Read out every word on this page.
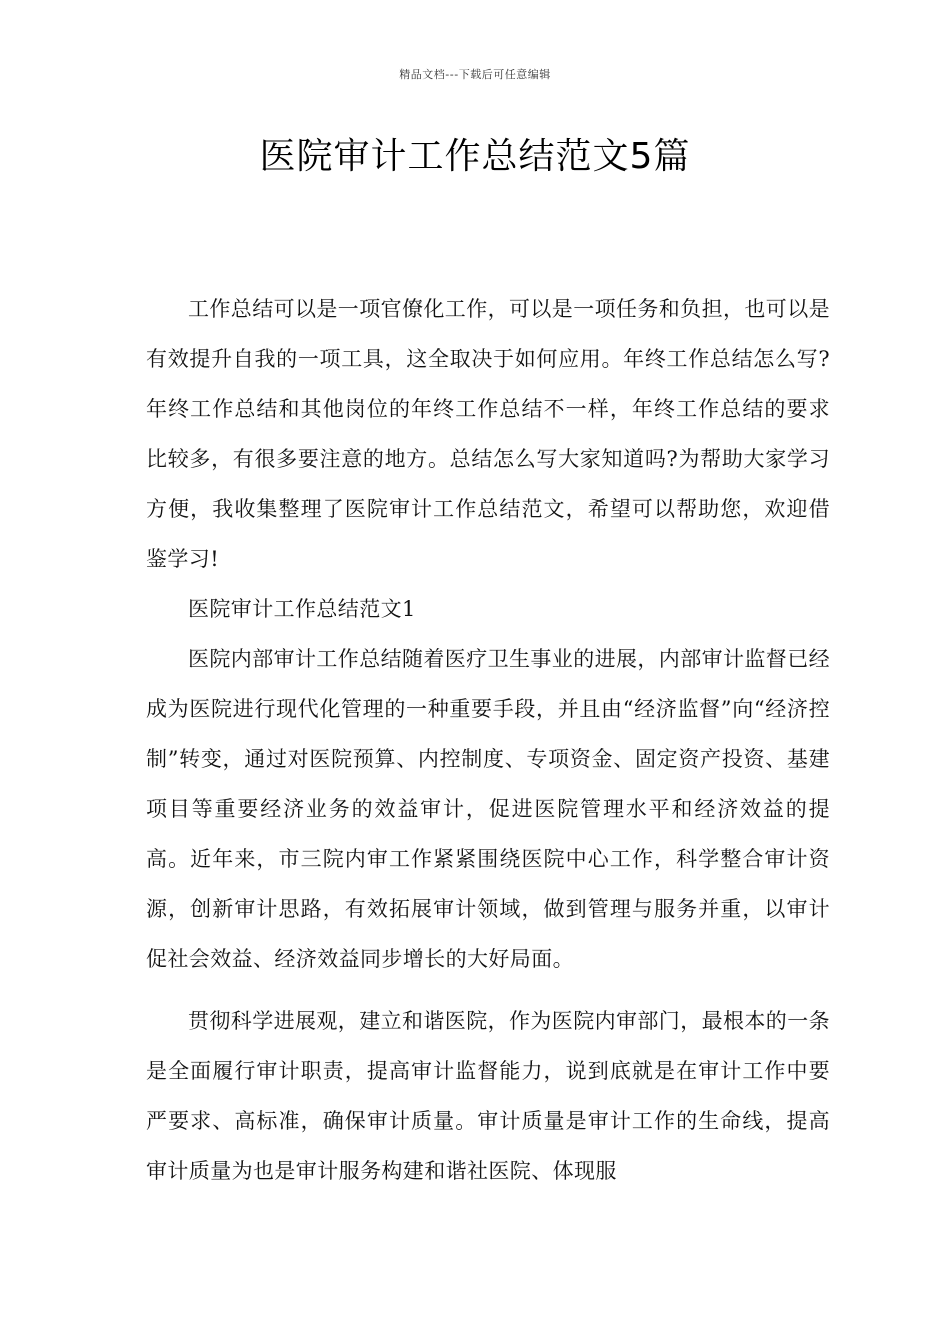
精品文档---下载后可任意编辑
医院审计工作总结范文5篇

工作总结可以是一项官僚化工作，可以是一项任务和负担，也可以是有效提升自我的一项工具，这全取决于如何应用。年终工作总结怎么写?年终工作总结和其他岗位的年终工作总结不一样，年终工作总结的要求比较多，有很多要注意的地方。总结怎么写大家知道吗?为帮助大家学习方便，我收集整理了医院审计工作总结范文，希望可以帮助您，欢迎借鉴学习!

医院审计工作总结范文1

医院内部审计工作总结随着医疗卫生事业的进展，内部审计监督已经成为医院进行现代化管理的一种重要手段，并且由“经济监督”向“经济控制”转变，通过对医院预算、内控制度、专项资金、固定资产投资、基建项目等重要经济业务的效益审计，促进医院管理水平和经济效益的提高。近年来，市三院内审工作紧紧围绕医院中心工作，科学整合审计资源，创新审计思路，有效拓展审计领域，做到管理与服务并重，以审计促社会效益、经济效益同步增长的大好局面。

贯彻科学进展观，建立和谐医院，作为医院内审部门，最根本的一条是全面履行审计职责，提高审计监督能力，说到底就是在审计工作中要严要求、高标准，确保审计质量。审计质量是审计工作的生命线，提高审计质量为也是审计服务构建和谐社医院、体现服
